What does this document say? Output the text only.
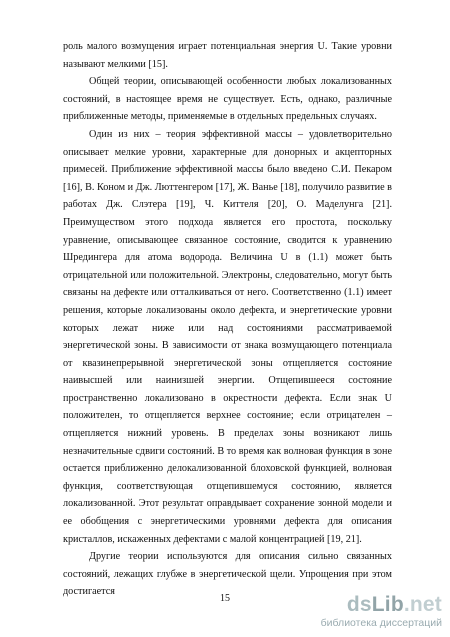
роль малого возмущения играет потенциальная энергия U. Такие уровни называют мелкими [15].

Общей теории, описывающей особенности любых локализованных состояний, в настоящее время не существует. Есть, однако, различные приближенные методы, применяемые в отдельных предельных случаях.

Один из них – теория эффективной массы – удовлетворительно описывает мелкие уровни, характерные для донорных и акцепторных примесей. Приближение эффективной массы было введено С.И. Пекаром [16], В. Коном и Дж. Люттенгером [17], Ж. Ванье [18], получило развитие в работах Дж. Слэтера [19], Ч. Киттеля [20], О. Маделунга [21]. Преимуществом этого подхода является его простота, поскольку уравнение, описывающее связанное состояние, сводится к уравнению Шредингера для атома водорода. Величина U в (1.1) может быть отрицательной или положительной. Электроны, следовательно, могут быть связаны на дефекте или отталкиваться от него. Соответственно (1.1) имеет решения, которые локализованы около дефекта, и энергетические уровни которых лежат ниже или над состояниями рассматриваемой энергетической зоны. В зависимости от знака возмущающего потенциала от квазинепрерывной энергетической зоны отщепляется состояние наивысшей или наинизшей энергии. Отщепившееся состояние пространственно локализовано в окрестности дефекта. Если знак U положителен, то отщепляется верхнее состояние; если отрицателен – отщепляется нижний уровень. В пределах зоны возникают лишь незначительные сдвиги состояний. В то время как волновая функция в зоне остается приближенно делокализованной блоховской функцией, волновая функция, соответствующая отщепившемуся состоянию, является локализованной. Этот результат оправдывает сохранение зонной модели и ее обобщения с энергетическими уровнями дефекта для описания кристаллов, искаженных дефектами с малой концентрацией [19, 21].

Другие теории используются для описания сильно связанных состояний, лежащих глубже в энергетической щели. Упрощения при этом достигается

15	dsLib.net
библиотека диссертаций
